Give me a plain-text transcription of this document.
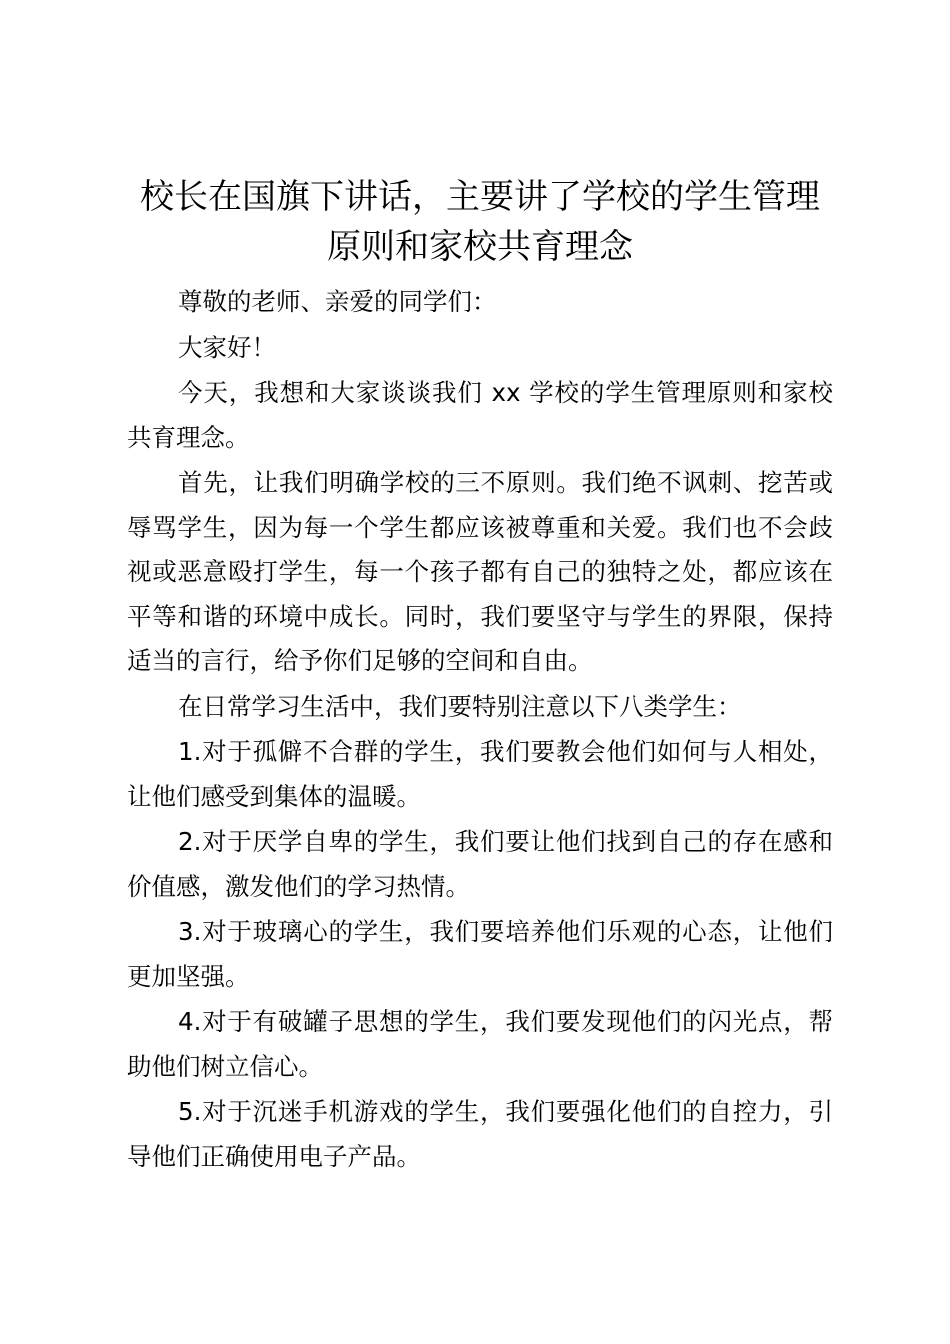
校长在国旗下讲话，主要讲了学校的学生管理
原则和家校共育理念

尊敬的老师、亲爱的同学们：

大家好！

今天，我想和大家谈谈我们 xx 学校的学生管理原则和家校共育理念。

首先，让我们明确学校的三不原则。我们绝不讽刺、挖苦或辱骂学生，因为每一个学生都应该被尊重和关爱。我们也不会歧视或恶意殴打学生，每一个孩子都有自己的独特之处，都应该在平等和谐的环境中成长。同时，我们要坚守与学生的界限，保持适当的言行，给予你们足够的空间和自由。

在日常学习生活中，我们要特别注意以下八类学生：

1.对于孤僻不合群的学生，我们要教会他们如何与人相处，让他们感受到集体的温暖。

2.对于厌学自卑的学生，我们要让他们找到自己的存在感和价值感，激发他们的学习热情。

3.对于玻璃心的学生，我们要培养他们乐观的心态，让他们更加坚强。

4.对于有破罐子思想的学生，我们要发现他们的闪光点，帮助他们树立信心。

5.对于沉迷手机游戏的学生，我们要强化他们的自控力，引导他们正确使用电子产品。
